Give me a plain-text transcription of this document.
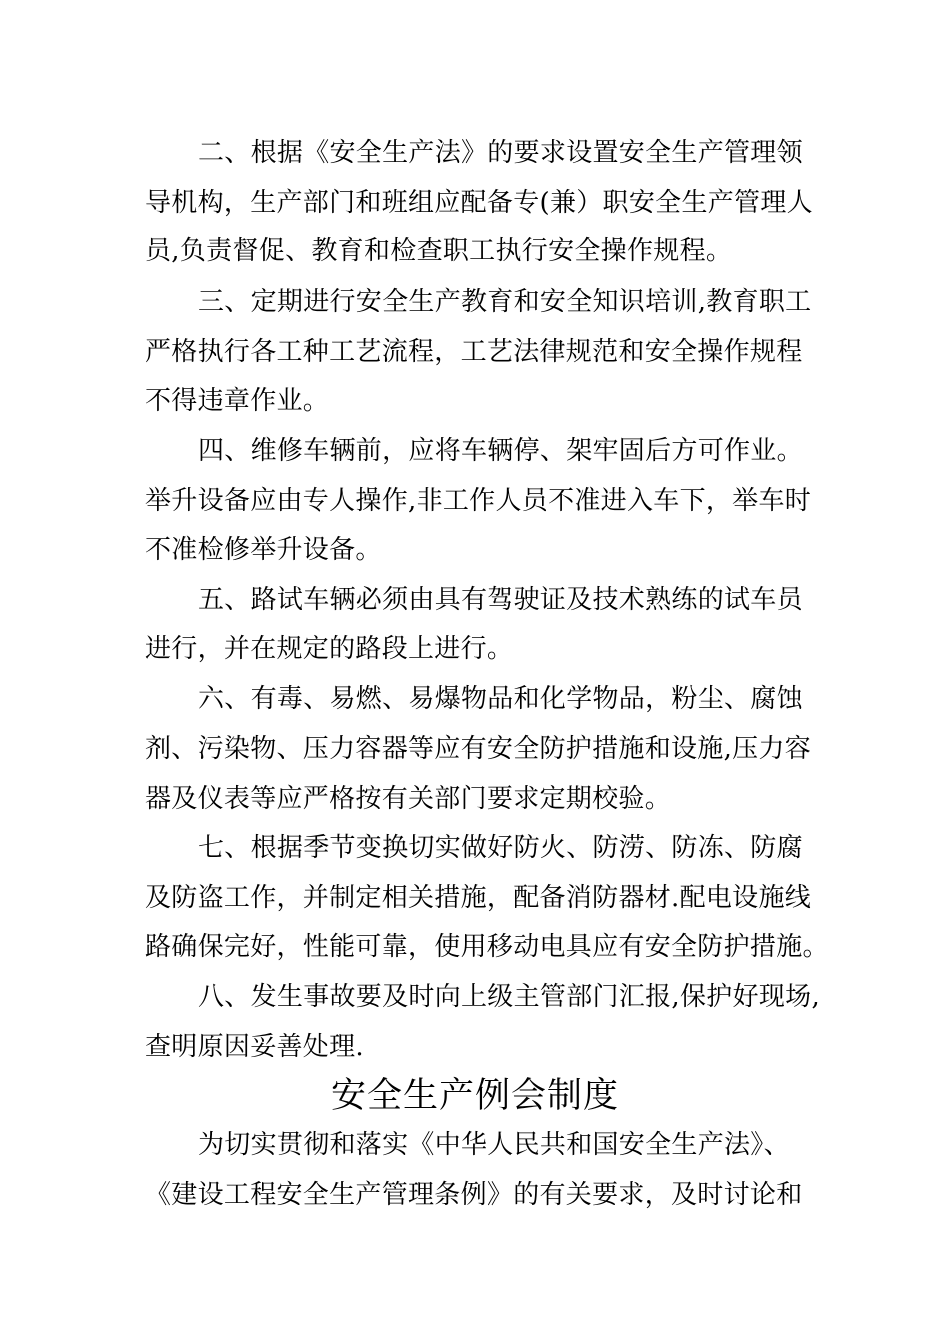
二、根据《安全生产法》的要求设置安全生产管理领
导机构，生产部门和班组应配备专(兼）职安全生产管理人
员,负责督促、教育和检查职工执行安全操作规程。
三、定期进行安全生产教育和安全知识培训,教育职工
严格执行各工种工艺流程，工艺法律规范和安全操作规程
不得违章作业。
四、维修车辆前，应将车辆停、架牢固后方可作业。
举升设备应由专人操作,非工作人员不准进入车下，举车时
不准检修举升设备。
五、路试车辆必须由具有驾驶证及技术熟练的试车员
进行，并在规定的路段上进行。
六、有毒、易燃、易爆物品和化学物品，粉尘、腐蚀
剂、污染物、压力容器等应有安全防护措施和设施,压力容
器及仪表等应严格按有关部门要求定期校验。
七、根据季节变换切实做好防火、防涝、防冻、防腐
及防盗工作，并制定相关措施，配备消防器材.配电设施线
路确保完好，性能可靠，使用移动电具应有安全防护措施。
八、发生事故要及时向上级主管部门汇报,保护好现场,
查明原因妥善处理.
安全生产例会制度
为切实贯彻和落实《中华人民共和国安全生产法》、
《建设工程安全生产管理条例》的有关要求，及时讨论和
